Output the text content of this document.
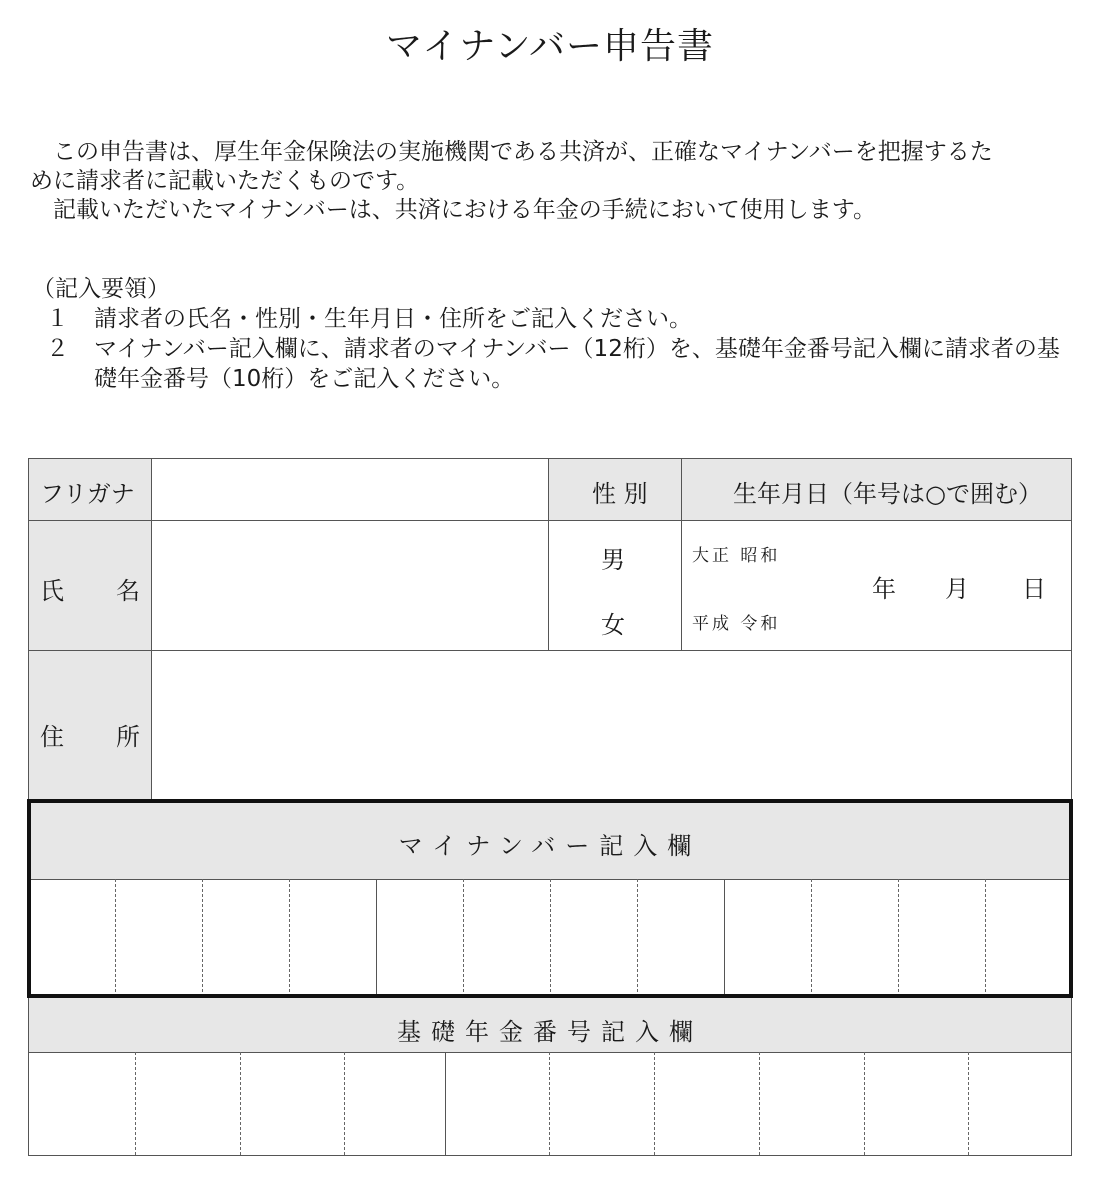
マイナンバー申告書

この申告書は、厚生年金保険法の実施機関である共済が、正確なマイナンバーを把握するた

めに請求者に記載いただくものです。

記載いただいたマイナンバーは、共済における年金の手続において使用します。

（記入要領）

１ 請求者の氏名・性別・生年月日・住所をご記入ください。

２ マイナンバー記入欄に、請求者のマイナンバー（12桁）を、基礎年金番号記入欄に請求者の基礎年金番号（10桁）をご記入ください。

フリガナ	性 別	生年月日（年号は○で囲む）
氏 名
男
女
大正 昭和
平成 令和
年 月 日
住 所
マイナンバー記入欄
基礎年金番号記入欄
